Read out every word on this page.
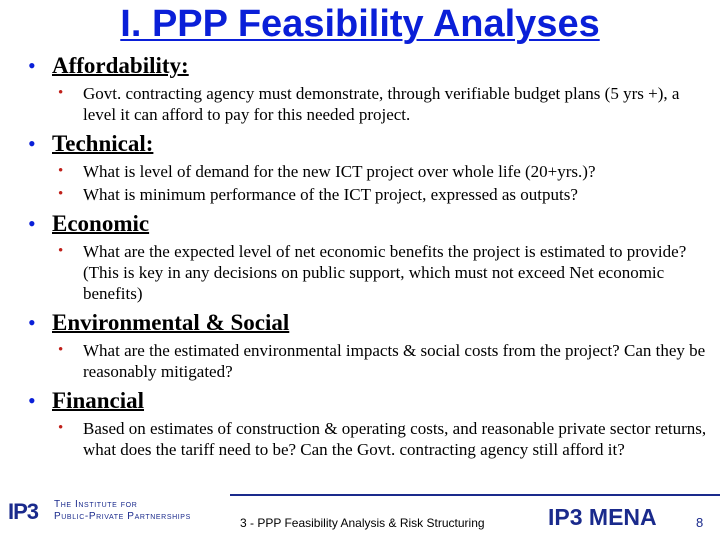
I. PPP Feasibility Analyses
• Affordability:
•	Govt. contracting agency must demonstrate, through verifiable budget plans (5 yrs +), a level it can afford to pay for this needed project.
• Technical:
•	What is level of demand for the new ICT project over whole life (20+yrs.)?
•	What is minimum performance of the ICT project, expressed as outputs?
• Economic
•	What are the expected level of net economic benefits the project is estimated to provide? (This is key in any decisions on public support, which must not exceed Net economic benefits)
• Environmental & Social
•	What are the estimated environmental impacts & social costs from the project? Can they be reasonably mitigated?
• Financial
•	Based on estimates of construction & operating costs, and reasonable private sector returns, what does the tariff need to be? Can the Govt. contracting agency still afford it?
IP3 The Institute for
Public-Private Partnerships	3 - PPP Feasibility Analysis & Risk Structuring	IP3 MENA	8
